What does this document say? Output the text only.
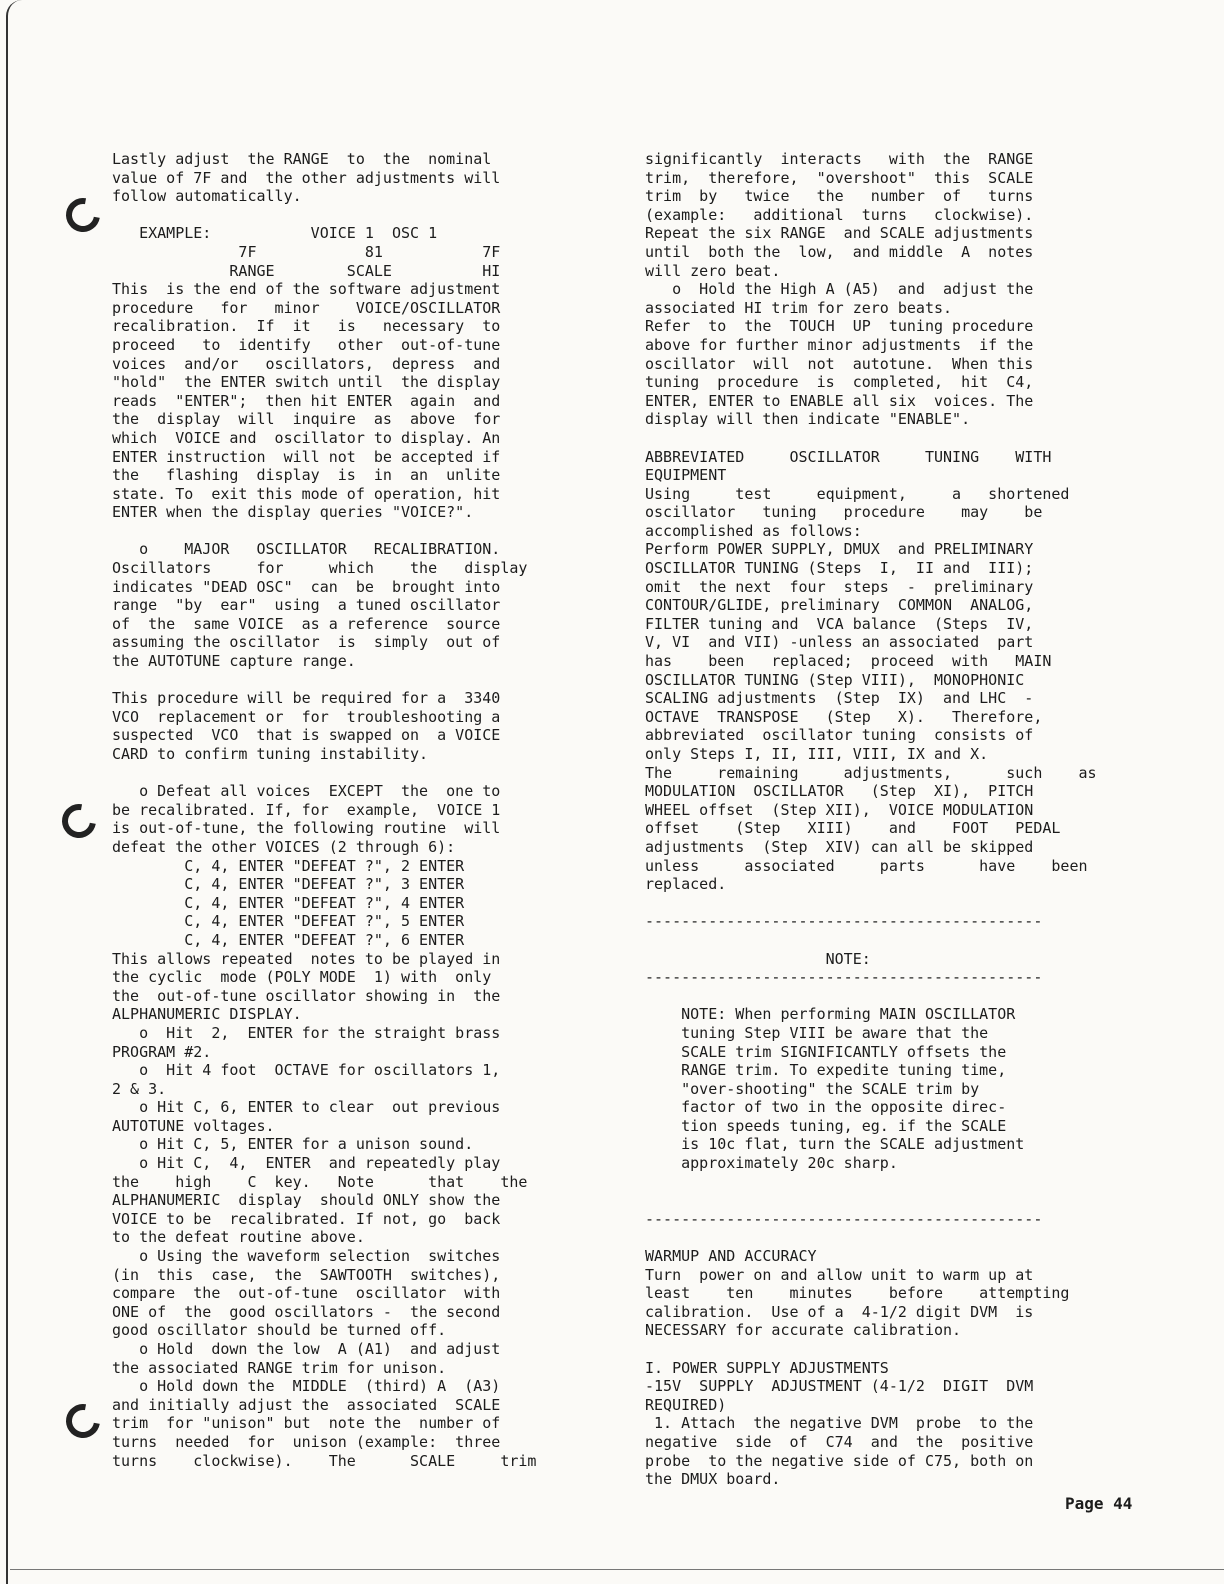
Lastly adjust  the RANGE  to  the  nominal
value of 7F and  the other adjustments will
follow automatically.
EXAMPLE:           VOICE 1  OSC 1
7F            81           7F
RANGE        SCALE          HI
This  is the end of the software adjustment
procedure   for   minor    VOICE/OSCILLATOR
recalibration.  If  it   is   necessary  to
proceed   to  identify   other  out-of-tune
voices  and/or   oscillators,  depress  and
"hold"  the ENTER switch until  the display
reads  "ENTER";  then hit ENTER  again  and
the  display  will  inquire  as  above  for
which  VOICE and  oscillator to display. An
ENTER instruction  will not  be accepted if
the   flashing  display  is  in  an  unlite
state. To  exit this mode of operation, hit
ENTER when the display queries "VOICE?".
o    MAJOR   OSCILLATOR   RECALIBRATION.
Oscillators     for     which    the   display
indicates "DEAD OSC"  can  be  brought into
range  "by  ear"  using  a tuned oscillator
of  the  same VOICE  as a reference  source
assuming the oscillator  is  simply  out of
the AUTOTUNE capture range.
This procedure will be required for a  3340
VCO  replacement or  for  troubleshooting a
suspected  VCO  that is swapped on  a VOICE
CARD to confirm tuning instability.
o Defeat all voices  EXCEPT  the  one to
be recalibrated. If, for  example,  VOICE 1
is out-of-tune, the following routine  will
defeat the other VOICES (2 through 6):
C, 4, ENTER "DEFEAT ?", 2 ENTER
C, 4, ENTER "DEFEAT ?", 3 ENTER
C, 4, ENTER "DEFEAT ?", 4 ENTER
C, 4, ENTER "DEFEAT ?", 5 ENTER
C, 4, ENTER "DEFEAT ?", 6 ENTER
This allows repeated  notes to be played in
the cyclic  mode (POLY MODE  1) with  only
the  out-of-tune oscillator showing in  the
ALPHANUMERIC DISPLAY.
o  Hit  2,  ENTER for the straight brass
PROGRAM #2.
o  Hit 4 foot  OCTAVE for oscillators 1,
2 & 3.
o Hit C, 6, ENTER to clear  out previous
AUTOTUNE voltages.
o Hit C, 5, ENTER for a unison sound.
o Hit C,  4,  ENTER  and repeatedly play
the    high    C  key.   Note      that    the
ALPHANUMERIC  display  should ONLY show the
VOICE to be  recalibrated. If not, go  back
to the defeat routine above.
o Using the waveform selection  switches
(in  this  case,  the  SAWTOOTH  switches),
compare  the  out-of-tune  oscillator  with
ONE of  the  good oscillators -  the second
good oscillator should be turned off.
o Hold  down the low  A (A1)  and adjust
the associated RANGE trim for unison.
o Hold down the  MIDDLE  (third) A  (A3)
and initially adjust the  associated  SCALE
trim  for "unison" but  note the  number of
turns  needed  for  unison (example:  three
turns    clockwise).    The      SCALE     trim
significantly  interacts   with  the  RANGE
trim,  therefore,  "overshoot"  this  SCALE
trim  by   twice   the   number  of   turns
(example:   additional  turns   clockwise).
Repeat the six RANGE  and SCALE adjustments
until  both the  low,  and middle  A  notes
will zero beat.
o  Hold the High A (A5)  and  adjust the
associated HI trim for zero beats.
Refer  to  the  TOUCH  UP  tuning procedure
above for further minor adjustments  if the
oscillator  will  not  autotune.  When this
tuning  procedure  is  completed,  hit  C4,
ENTER, ENTER to ENABLE all six  voices. The
display will then indicate "ENABLE".
ABBREVIATED     OSCILLATOR     TUNING    WITH
EQUIPMENT
Using     test     equipment,     a   shortened
oscillator   tuning   procedure    may    be
accomplished as follows:
Perform POWER SUPPLY, DMUX  and PRELIMINARY
OSCILLATOR TUNING (Steps  I,  II and  III);
omit  the next  four  steps  -  preliminary
CONTOUR/GLIDE, preliminary  COMMON  ANALOG,
FILTER tuning and  VCA balance  (Steps  IV,
V, VI  and VII) -unless an associated  part
has    been   replaced;  proceed  with   MAIN
OSCILLATOR TUNING (Step VIII),  MONOPHONIC
SCALING adjustments  (Step  IX)  and LHC  -
OCTAVE  TRANSPOSE   (Step   X).   Therefore,
abbreviated  oscillator tuning  consists of
only Steps I, II, III, VIII, IX and X.
The     remaining     adjustments,      such    as
MODULATION  OSCILLATOR   (Step  XI),  PITCH
WHEEL offset  (Step XII),  VOICE MODULATION
offset    (Step   XIII)    and    FOOT   PEDAL
adjustments  (Step  XIV) can all be skipped
unless     associated     parts      have    been
replaced.
--------------------------------------------
NOTE:
--------------------------------------------
NOTE: When performing MAIN OSCILLATOR
tuning Step VIII be aware that the
SCALE trim SIGNIFICANTLY offsets the
RANGE trim. To expedite tuning time,
"over-shooting" the SCALE trim by
factor of two in the opposite direc-
tion speeds tuning, eg. if the SCALE
is 10c flat, turn the SCALE adjustment
approximately 20c sharp.
--------------------------------------------
WARMUP AND ACCURACY
Turn  power on and allow unit to warm up at
least    ten    minutes    before    attempting
calibration.  Use of a  4-1/2 digit DVM  is
NECESSARY for accurate calibration.
I. POWER SUPPLY ADJUSTMENTS
-15V  SUPPLY  ADJUSTMENT (4-1/2  DIGIT  DVM
REQUIRED)
1. Attach  the negative DVM  probe  to the
negative  side  of  C74  and  the  positive
probe  to the negative side of C75, both on
the DMUX board.
Page 44
